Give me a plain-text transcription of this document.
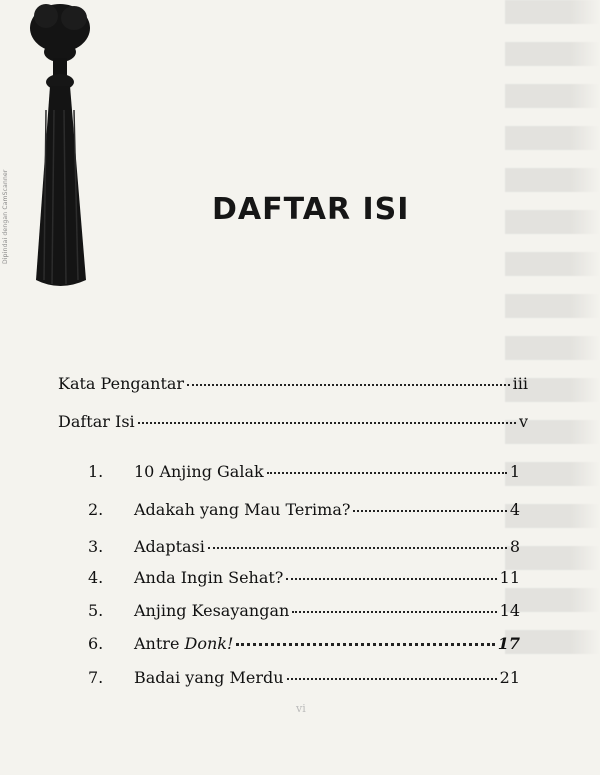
Dipindai dengan CamScanner	DAFTAR ISI
Kata Pengantar	iii
Daftar Isi	v
1.	10 Anjing Galak	1
2.	Adakah yang Mau Terima?	4
3.	Adaptasi	8
4.	Anda Ingin Sehat?	11
5.	Anjing Kesayangan	14
6.	Antre Donk!	17
7.	Badai yang Merdu	21
vi
